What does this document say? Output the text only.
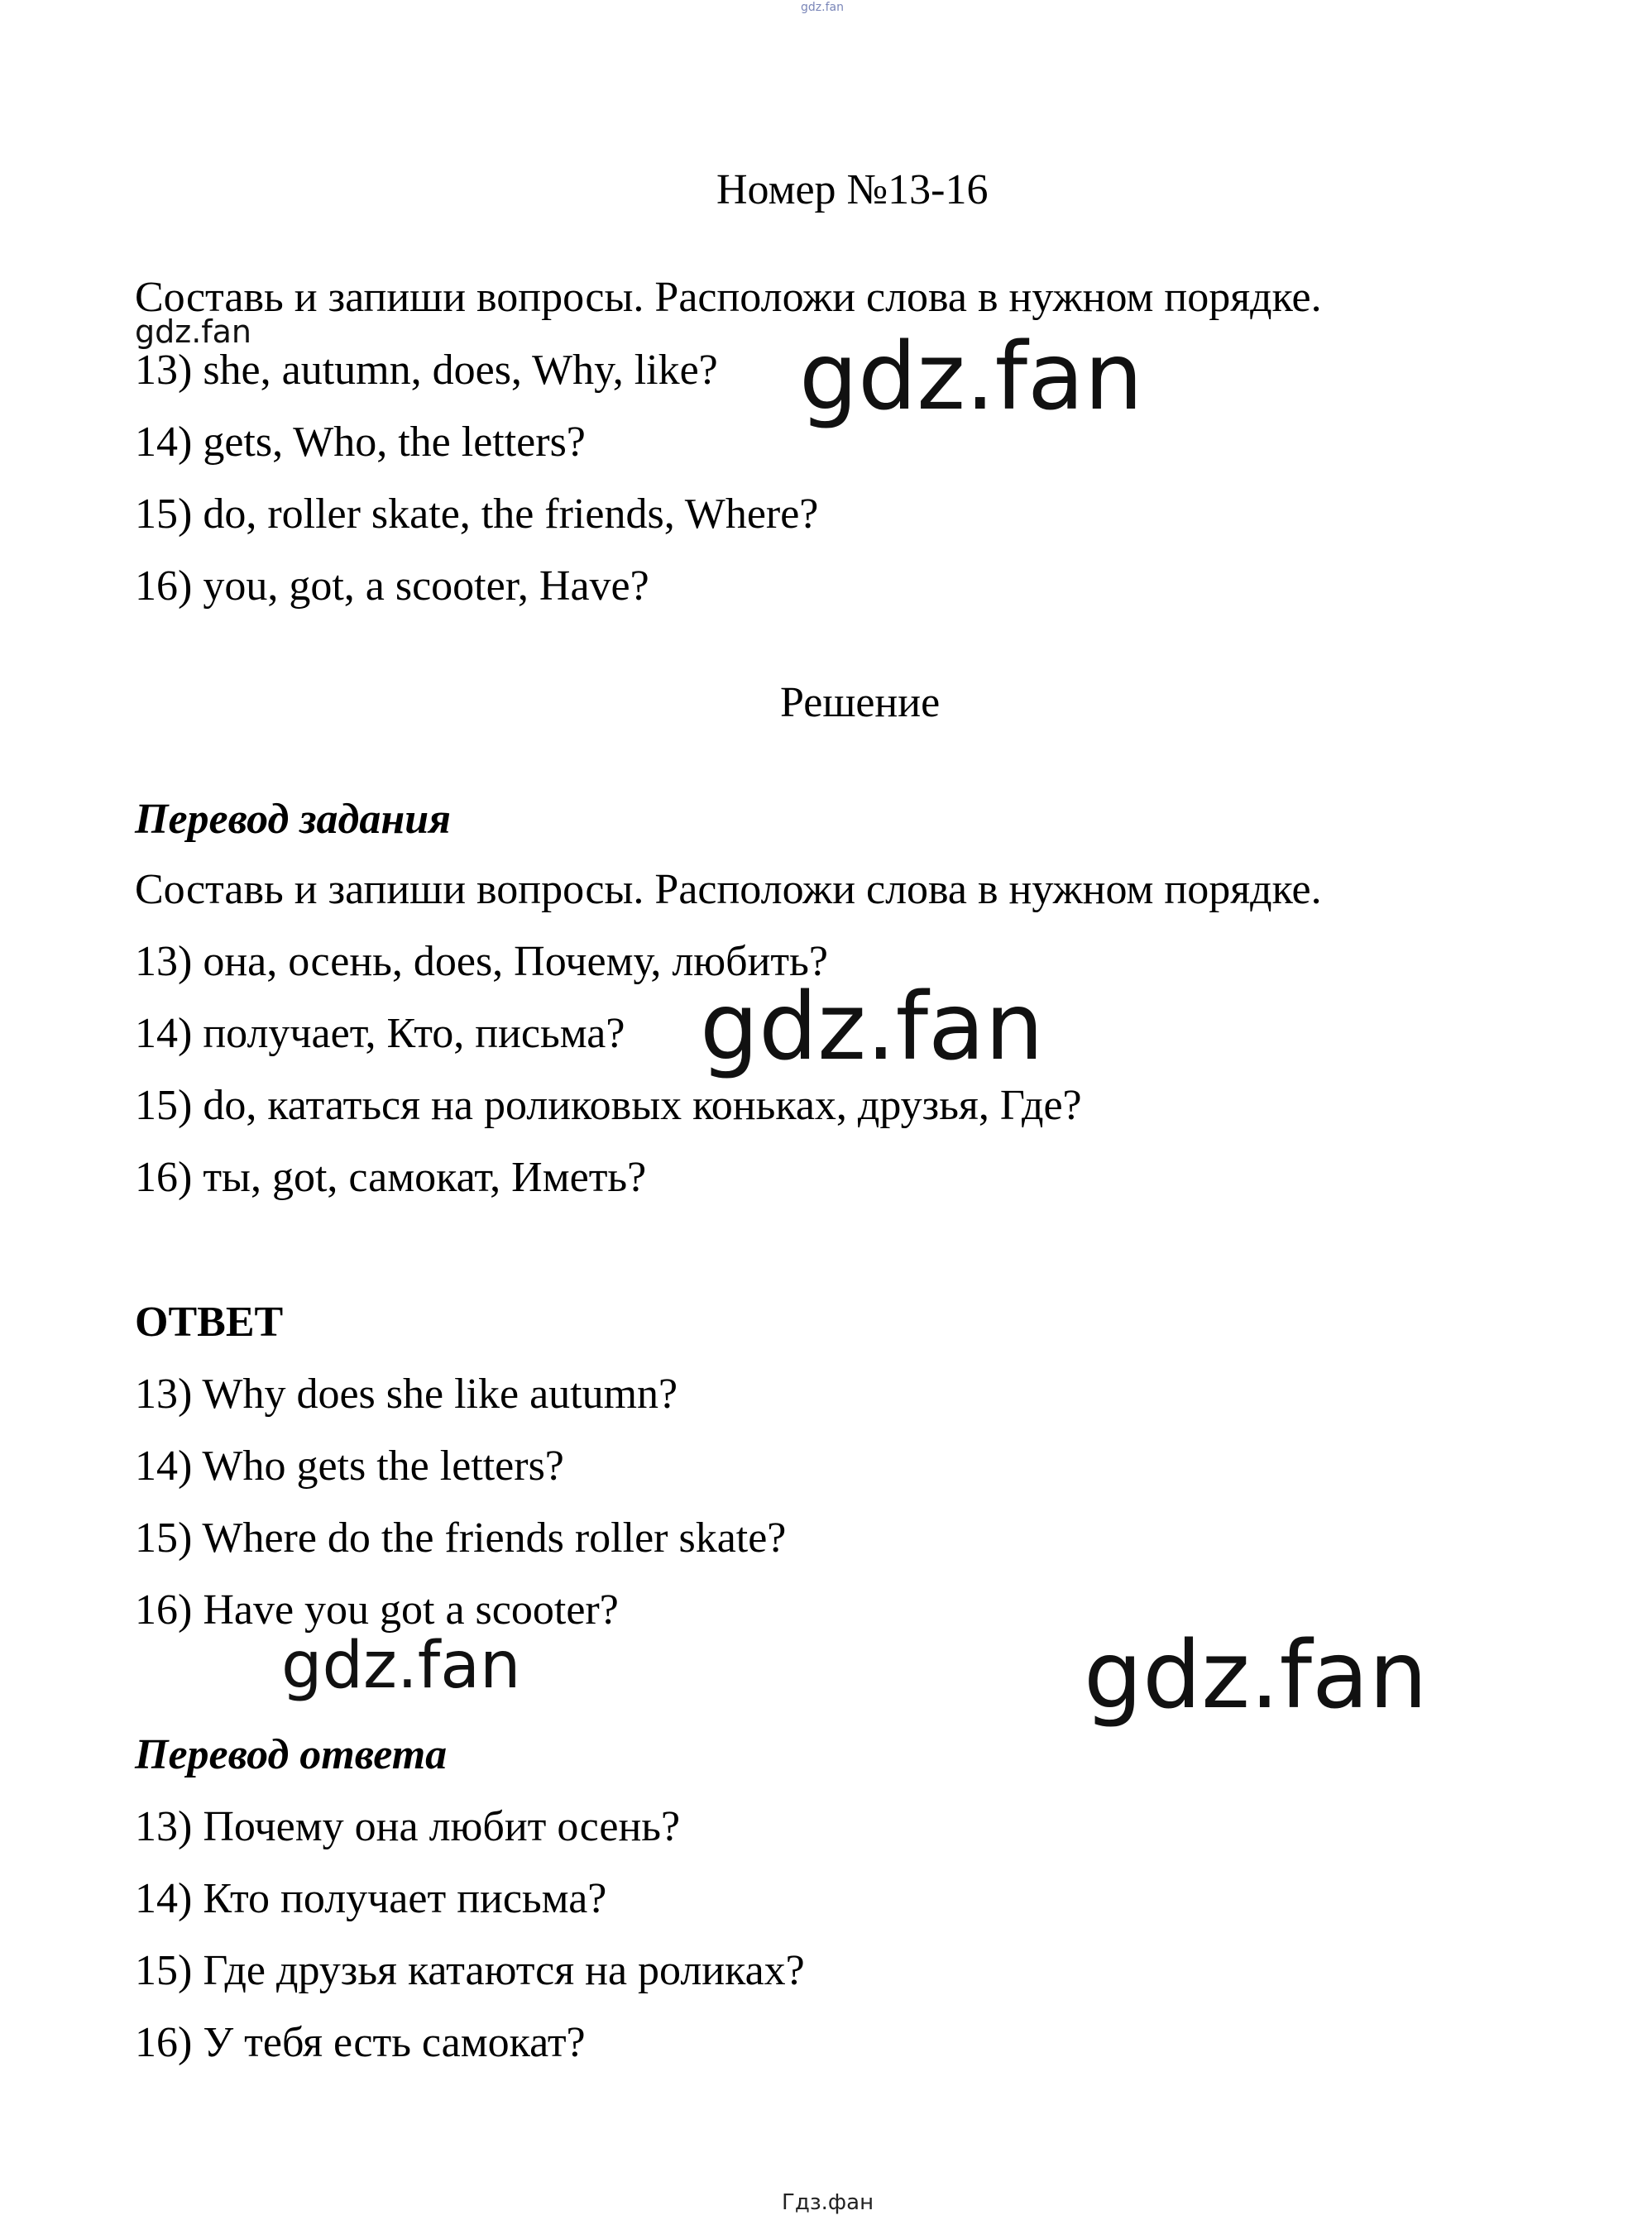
gdz.fan
Номер №13-16
Составь и запиши вопросы. Расположи слова в нужном порядке.
13) she, autumn, does, Why, like?
14) gets, Who, the letters?
15) do, roller skate, the friends, Where?
16) you, got, a scooter, Have?
Решение
Перевод задания
Составь и запиши вопросы. Расположи слова в нужном порядке.
13) она, осень, does, Почему, любить?
14) получает, Кто, письма?
15) do, кататься на роликовых коньках, друзья, Где?
16) ты, got, самокат, Иметь?
ОТВЕТ
13) Why does she like autumn?
14) Who gets the letters?
15) Where do the friends roller skate?
16) Have you got a scooter?
Перевод ответа
13) Почему она любит осень?
14) Кто получает письма?
15) Где друзья катаются на роликах?
16) У тебя есть самокат?
gdz.fan	gdz.fan
gdz.fan
gdz.fan	gdz.fan
Гдз.фан
